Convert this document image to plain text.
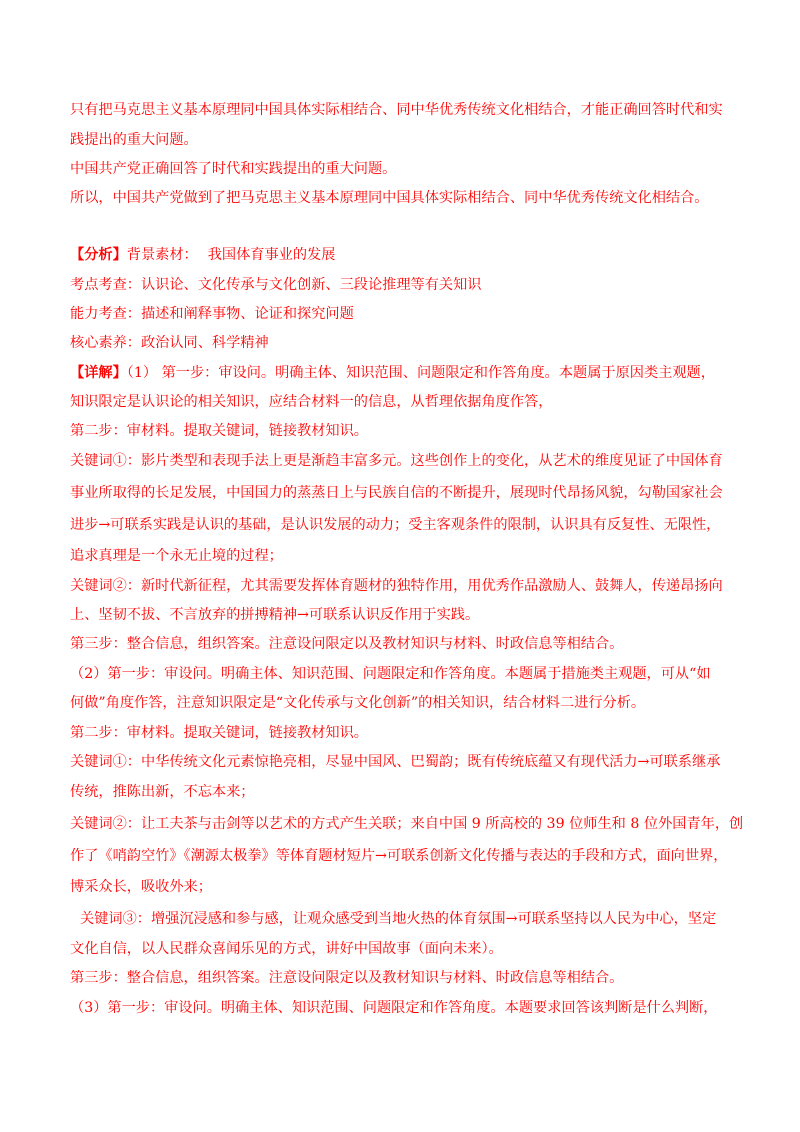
只有把马克思主义基本原理同中国具体实际相结合、同中华优秀传统文化相结合，才能正确回答时代和实
践提出的重大问题。
中国共产党正确回答了时代和实践提出的重大问题。
所以，中国共产党做到了把马克思主义基本原理同中国具体实际相结合、同中华优秀传统文化相结合。
【分析】背景素材： 我国体育事业的发展
考点考查：认识论、文化传承与文化创新、三段论推理等有关知识
能力考查：描述和阐释事物、论证和探究问题
核心素养：政治认同、科学精神
【详解】（1） 第一步：审设问。明确主体、知识范围、问题限定和作答角度。本题属于原因类主观题，
知识限定是认识论的相关知识，应结合材料一的信息，从哲理依据角度作答，
第二步：审材料。提取关键词，链接教材知识。
关键词①：影片类型和表现手法上更是渐趋丰富多元。这些创作上的变化，从艺术的维度见证了中国体育
事业所取得的长足发展，中国国力的蒸蒸日上与民族自信的不断提升，展现时代昂扬风貌，勾勒国家社会
进步→可联系实践是认识的基础，是认识发展的动力；受主客观条件的限制，认识具有反复性、无限性，
追求真理是一个永无止境的过程；
关键词②：新时代新征程，尤其需要发挥体育题材的独特作用，用优秀作品激励人、鼓舞人，传递昂扬向
上、坚韧不拔、不言放弃的拼搏精神→可联系认识反作用于实践。
第三步：整合信息，组织答案。注意设问限定以及教材知识与材料、时政信息等相结合。
（2）第一步：审设问。明确主体、知识范围、问题限定和作答角度。本题属于措施类主观题，可从“如
何做”角度作答，注意知识限定是“文化传承与文化创新”的相关知识，结合材料二进行分析。
第二步：审材料。提取关键词，链接教材知识。
关键词①：中华传统文化元素惊艳亮相，尽显中国风、巴蜀韵；既有传统底蕴又有现代活力→可联系继承
传统，推陈出新，不忘本来；
关键词②：让工夫茶与击剑等以艺术的方式产生关联；来自中国 9 所高校的 39 位师生和 8 位外国青年，创
作了《哨韵空竹》《潮源太极拳》等体育题材短片→可联系创新文化传播与表达的手段和方式，面向世界，
博采众长，吸收外来；
关键词③：增强沉浸感和参与感，让观众感受到当地火热的体育氛围→可联系坚持以人民为中心，坚定
文化自信，以人民群众喜闻乐见的方式，讲好中国故事（面向未来）。
第三步：整合信息，组织答案。注意设问限定以及教材知识与材料、时政信息等相结合。
（3）第一步：审设问。明确主体、知识范围、问题限定和作答角度。本题要求回答该判断是什么判断，
